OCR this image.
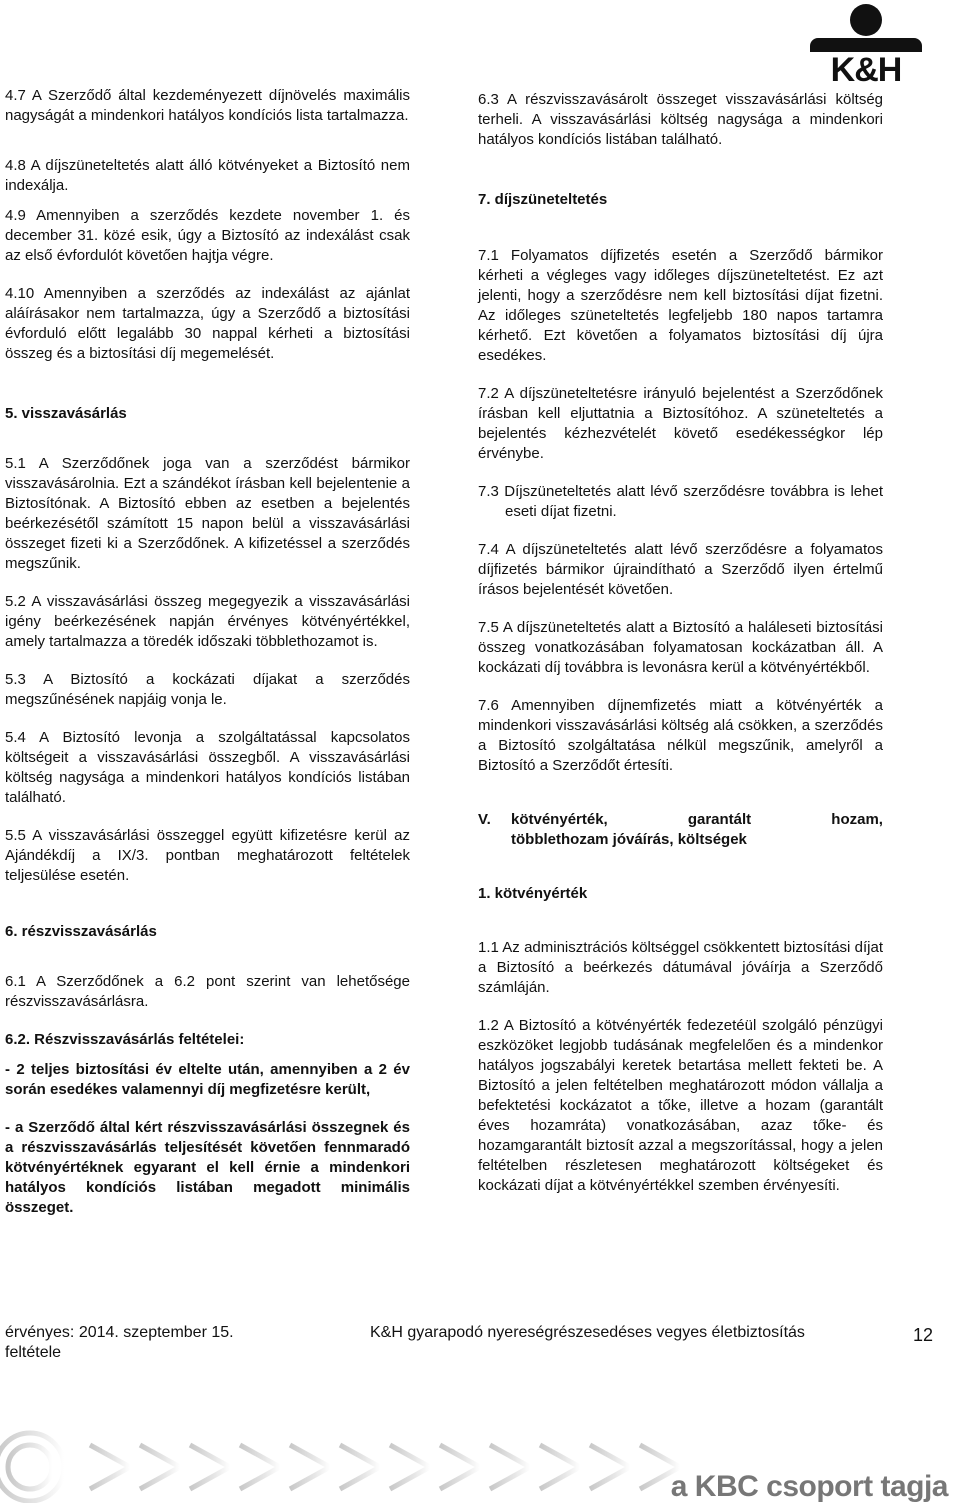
K&H

4.7 A Szerződő által kezdeményezett díjnövelés maximális nagyságát a mindenkori hatályos kondíciós lista tartalmazza.

4.8 A díjszüneteltetés alatt álló kötvényeket a Biztosító nem indexálja.

4.9 Amennyiben a szerződés kezdete november 1. és december 31. közé esik, úgy a Biztosító az indexálást csak az első évfordulót követően hajtja végre.

4.10 Amennyiben a szerződés az indexálást az ajánlat aláírásakor nem tartalmazza, úgy a Szerződő a biztosítási évforduló előtt legalább 30 nappal kérheti a biztosítási összeg és a biztosítási díj megemelését.

5. visszavásárlás

5.1 A Szerződőnek joga van a szerződést bármikor visszavásárolnia. Ezt a szándékot írásban kell bejelentenie a Biztosítónak. A Biztosító ebben az esetben a bejelentés beérkezésétől számított 15 napon belül a visszavásárlási összeget fizeti ki a Szerződőnek. A kifizetéssel a szerződés megszűnik.

5.2 A visszavásárlási összeg megegyezik a visszavásárlási igény beérkezésének napján érvényes kötvényértékkel, amely tartalmazza a töredék időszaki többlethozamot is.

5.3 A Biztosító a kockázati díjakat a szerződés megszűnésének napjáig vonja le.

5.4 A Biztosító levonja a szolgáltatással kapcsolatos költségeit a visszavásárlási összegből. A visszavásárlási költség nagysága a mindenkori hatályos kondíciós listában található.

5.5 A visszavásárlási összeggel együtt kifizetésre kerül az Ajándékdíj a IX/3. pontban meghatározott feltételek teljesülése esetén.

6. részvisszavásárlás

6.1 A Szerződőnek a 6.2 pont szerint van lehetősége részvisszavásárlásra.

6.2. Részvisszavásárlás feltételei:

- 2 teljes biztosítási év eltelte után, amennyiben a 2 év során esedékes valamennyi díj megfizetésre került,

- a Szerződő által kért részvisszavásárlási összegnek és a részvisszavásárlás teljesítését követően fennmaradó kötvényértéknek egyarant el kell érnie a mindenkori hatályos kondíciós listában megadott minimális összeget.

6.3 A részvisszavásárolt összeget visszavásárlási költség terheli. A visszavásárlási költség nagysága a mindenkori hatályos kondíciós listában található.

7. díjszüneteltetés

7.1 Folyamatos díjfizetés esetén a Szerződő bármikor kérheti a végleges vagy időleges díjszüneteltetést. Ez azt jelenti, hogy a szerződésre nem kell biztosítási díjat fizetni. Az időleges szüneteltetés legfeljebb 180 napos tartamra kérhető. Ezt követően a folyamatos biztosítási díj újra esedékes.

7.2 A díjszüneteltetésre irányuló bejelentést a Szerződőnek írásban kell eljuttatnia a Biztosítóhoz. A szüneteltetés a bejelentés kézhezvételét követő esedékességkor lép érvénybe.

7.3 Díjszüneteltetés alatt lévő szerződésre továbbra is lehet eseti díjat fizetni.

7.4 A díjszüneteltetés alatt lévő szerződésre a folyamatos díjfizetés bármikor újraindítható a Szerződő ilyen értelmű írásos bejelentését követően.

7.5 A díjszüneteltetés alatt a Biztosító a haláleseti biztosítási összeg vonatkozásában folyamatosan kockázatban áll. A kockázati díj továbbra is levonásra kerül a kötvényértékből.

7.6 Amennyiben díjnemfizetés miatt a kötvényérték a mindenkori visszavásárlási költség alá csökken, a szerződés a Biztosító szolgáltatása nélkül megszűnik, amelyről a Biztosító a Szerződőt értesíti.

V.	kötvényérték,	garantált	hozam,
többlethozam jóváírás, költségek
1. kötvényérték

1.1 Az adminisztrációs költséggel csökkentett biztosítási díjat a Biztosító a beérkezés dátumával jóváírja a Szerződő számláján.

1.2 A Biztosító a kötvényérték fedezetéül szolgáló pénzügyi eszközöket legjobb tudásának megfelelően és a mindenkor hatályos jogszabályi keretek betartása mellett fekteti be. A Biztosító a jelen feltételben meghatározott módon vállalja a befektetési kockázatot a tőke, illetve a hozam (garantált éves hozamráta) vonatkozásában, azaz tőke- és hozamgarantált biztosít azzal a megszorítással, hogy a jelen feltételben részletesen meghatározott költségeket és kockázati díjat a kötvényértékkel szemben érvényesíti.

érvényes: 2014. szeptember 15.
feltétele
K&H gyarapodó nyereségrészesedéses vegyes életbiztosítás	12
a KBC csoport tagja
